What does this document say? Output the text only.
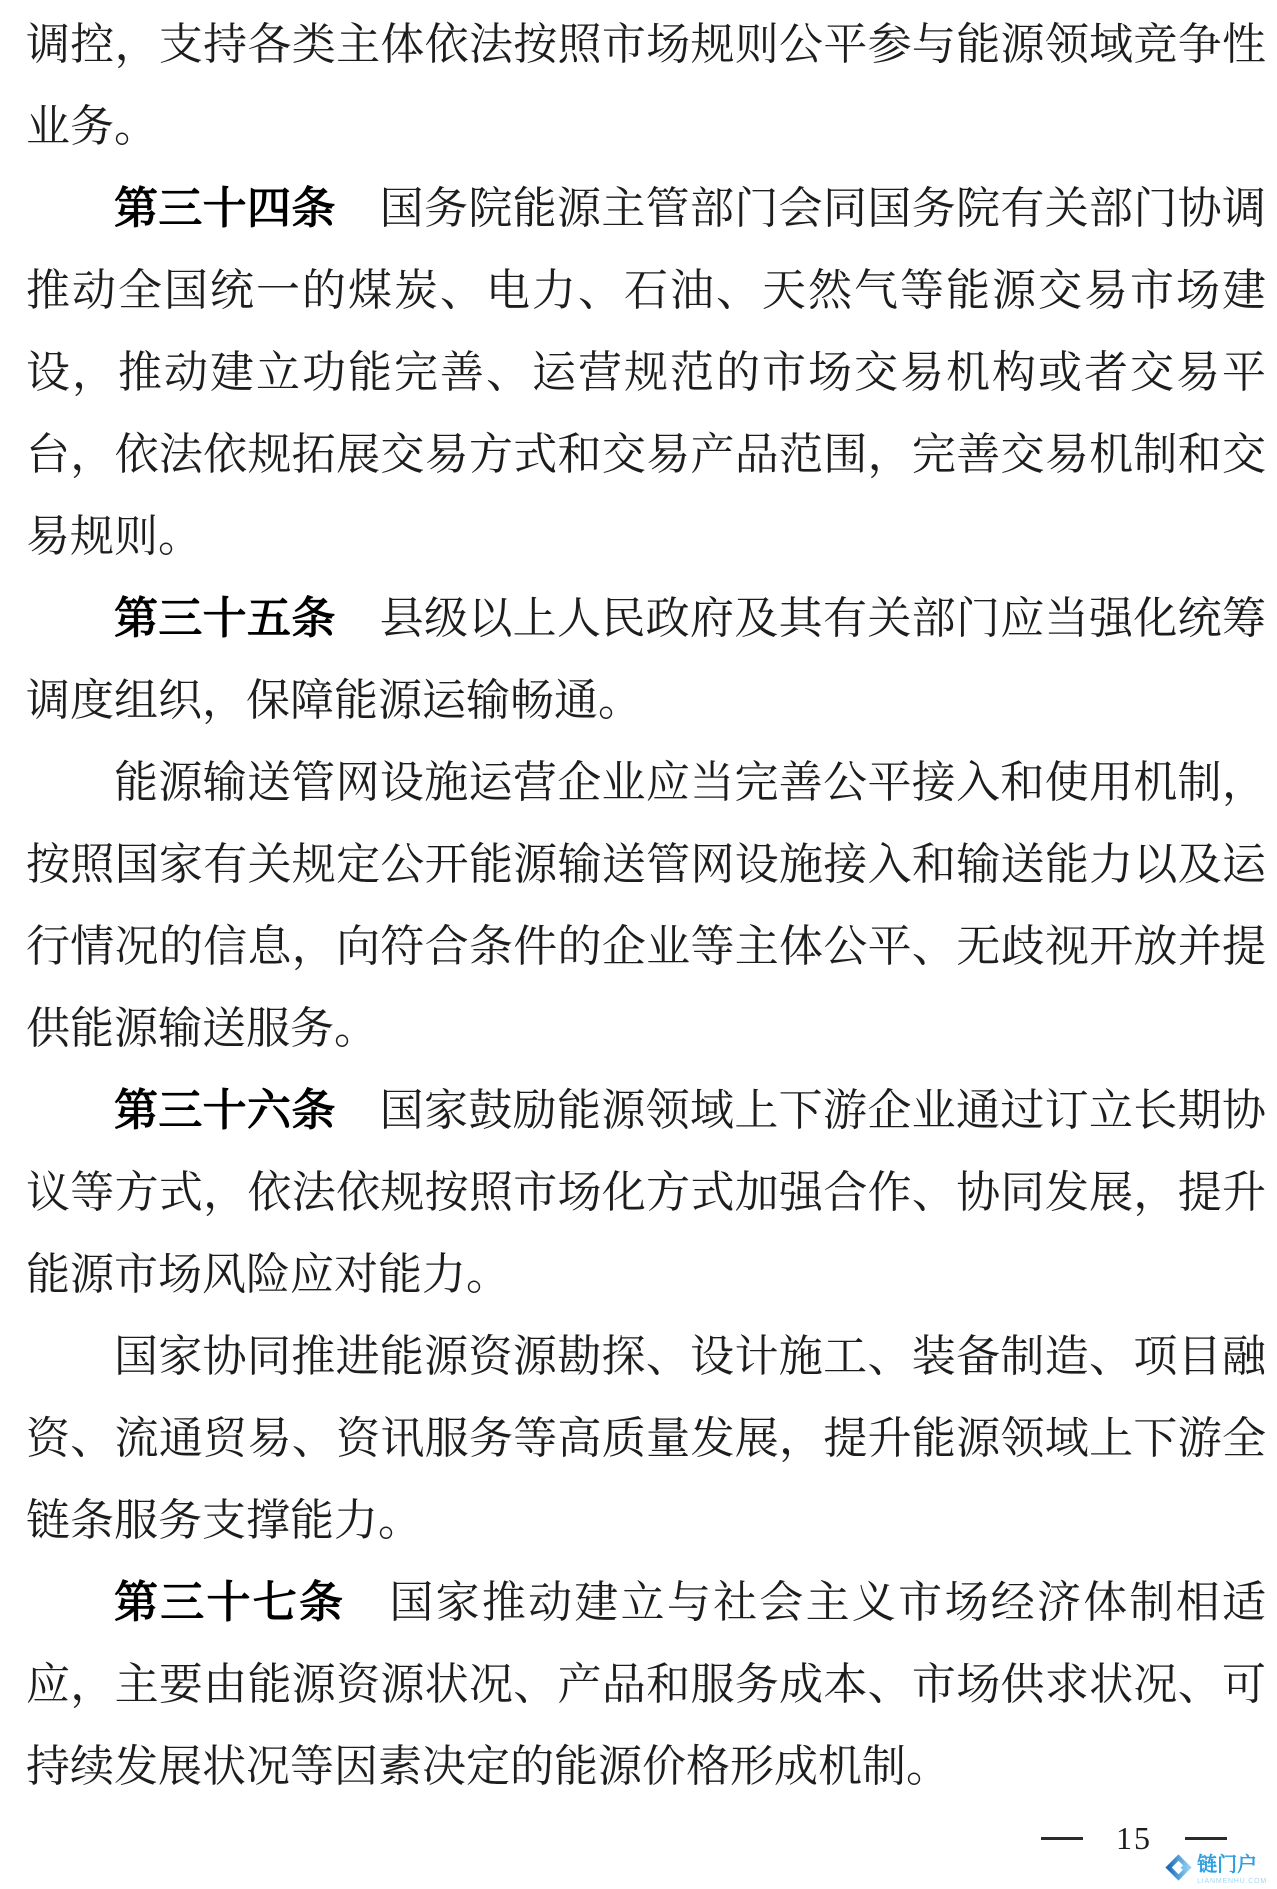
调控，支持各类主体依法按照市场规则公平参与能源领域竞争性业务。

第三十四条 国务院能源主管部门会同国务院有关部门协调推动全国统一的煤炭、电力、石油、天然气等能源交易市场建设，推动建立功能完善、运营规范的市场交易机构或者交易平台，依法依规拓展交易方式和交易产品范围，完善交易机制和交易规则。

第三十五条 县级以上人民政府及其有关部门应当强化统筹调度组织，保障能源运输畅通。

能源输送管网设施运营企业应当完善公平接入和使用机制，按照国家有关规定公开能源输送管网设施接入和输送能力以及运行情况的信息，向符合条件的企业等主体公平、无歧视开放并提供能源输送服务。

第三十六条 国家鼓励能源领域上下游企业通过订立长期协议等方式，依法依规按照市场化方式加强合作、协同发展，提升能源市场风险应对能力。

国家协同推进能源资源勘探、设计施工、装备制造、项目融资、流通贸易、资讯服务等高质量发展，提升能源领域上下游全链条服务支撑能力。

第三十七条 国家推动建立与社会主义市场经济体制相适应，主要由能源资源状况、产品和服务成本、市场供求状况、可持续发展状况等因素决定的能源价格形成机制。

15
链门户
LIANMENHU.COM
